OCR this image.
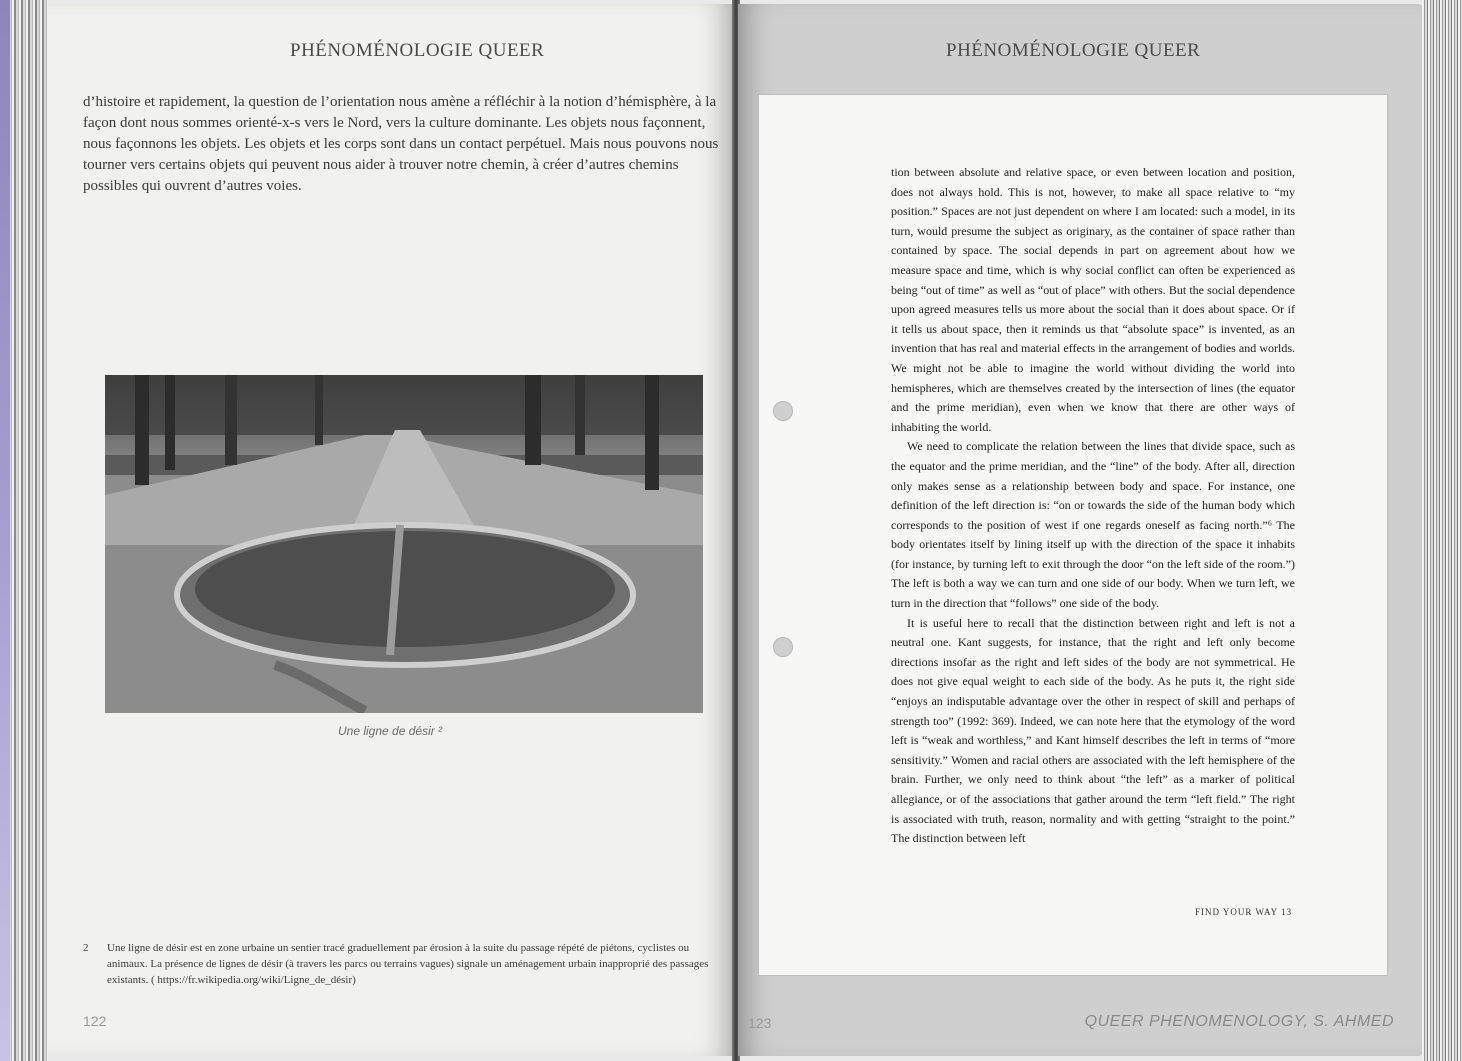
PHÉNOMÉNOLOGIE QUEER
d’histoire et rapidement, la question de l’orientation nous amène a réfléchir à la notion d’hémisphère, à la façon dont nous sommes orienté-x-s vers le Nord, vers la culture dominante. Les objets nous façonnent, nous façonnons les objets. Les objets et les corps sont dans un contact perpétuel. Mais nous pouvons nous tourner vers certains objets qui peuvent nous aider à trouver notre chemin, à créer d’autres chemins possibles qui ouvrent d’autres voies.
Une ligne de désir ²
2 Une ligne de désir est en zone urbaine un sentier tracé graduellement par érosion à la suite du passage répété de piétons, cyclistes ou animaux. La présence de lignes de désir (à travers les parcs ou terrains vagues) signale un aménagement urbain inapproprié des passages existants. ( https://fr.wikipedia.org/wiki/Ligne_de_désir)
122
PHÉNOMÉNOLOGIE QUEER

tion between absolute and relative space, or even between location and position, does not always hold. This is not, however, to make all space relative to “my position.” Spaces are not just dependent on where I am located: such a model, in its turn, would presume the subject as originary, as the container of space rather than contained by space. The social depends in part on agreement about how we measure space and time, which is why social conflict can often be experienced as being “out of time” as well as “out of place” with others. But the social dependence upon agreed measures tells us more about the social than it does about space. Or if it tells us about space, then it reminds us that “absolute space” is invented, as an invention that has real and material effects in the arrangement of bodies and worlds. We might not be able to imagine the world without dividing the world into hemispheres, which are themselves created by the intersection of lines (the equator and the prime meridian), even when we know that there are other ways of inhabiting the world.

We need to complicate the relation between the lines that divide space, such as the equator and the prime meridian, and the “line” of the body. After all, direction only makes sense as a relationship between body and space. For instance, one definition of the left direction is: “on or towards the side of the human body which corresponds to the position of west if one regards oneself as facing north.”⁶ The body orientates itself by lining itself up with the direction of the space it inhabits (for instance, by turning left to exit through the door “on the left side of the room.”) The left is both a way we can turn and one side of our body. When we turn left, we turn in the direction that “follows” one side of the body.

It is useful here to recall that the distinction between right and left is not a neutral one. Kant suggests, for instance, that the right and left only become directions insofar as the right and left sides of the body are not symmetrical. He does not give equal weight to each side of the body. As he puts it, the right side “enjoys an indisputable advantage over the other in respect of skill and perhaps of strength too” (1992: 369). Indeed, we can note here that the etymology of the word left is “weak and worthless,” and Kant himself describes the left in terms of “more sensitivity.” Women and racial others are associated with the left hemisphere of the brain. Further, we only need to think about “the left” as a marker of political allegiance, or of the associations that gather around the term “left field.” The right is associated with truth, reason, normality and with getting “straight to the point.” The distinction between left

FIND YOUR WAY 13
123	QUEER PHENOMENOLOGY, S. AHMED
